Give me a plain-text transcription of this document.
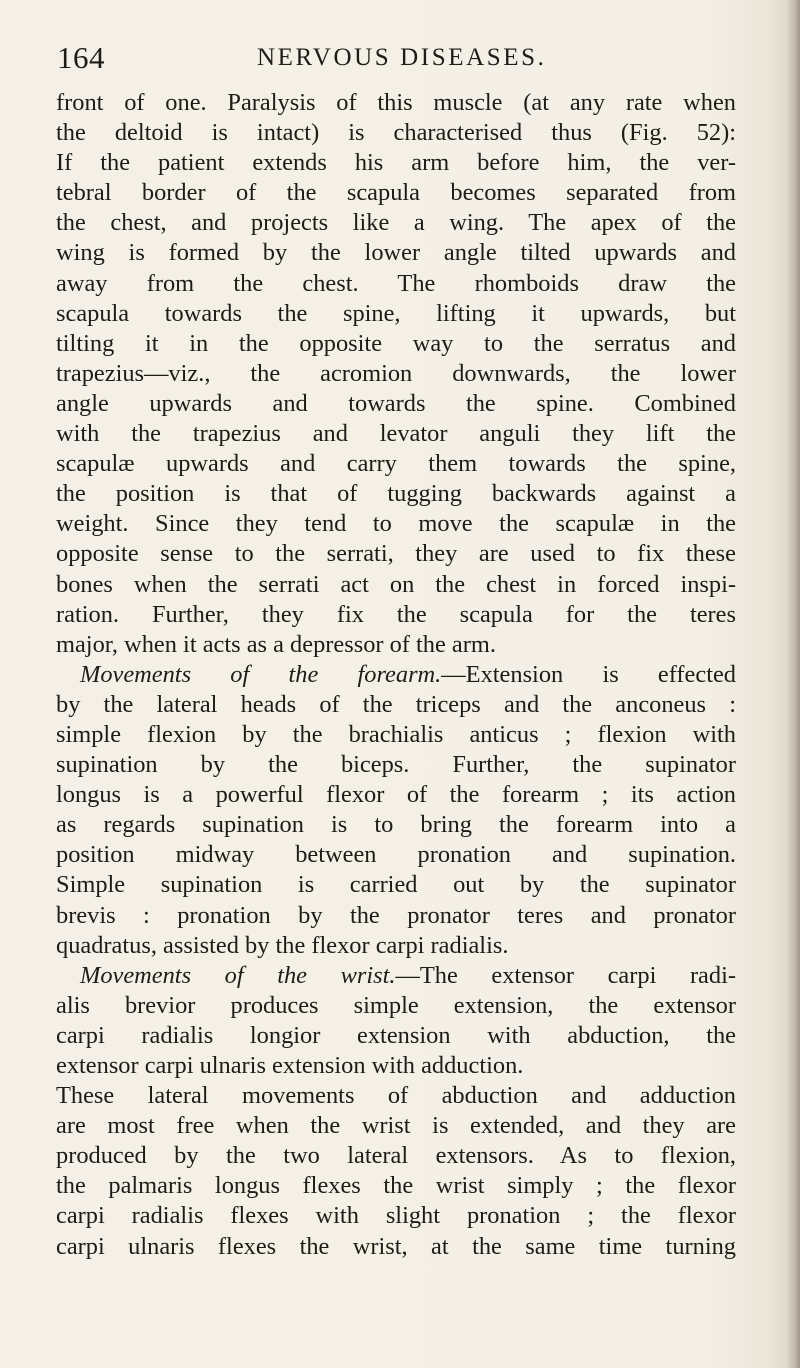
164	NERVOUS DISEASES.
front of one. Paralysis of this muscle (at any rate when
the deltoid is intact) is characterised thus (Fig. 52):
If the patient extends his arm before him, the ver-
tebral border of the scapula becomes separated from
the chest, and projects like a wing. The apex of the
wing is formed by the lower angle tilted upwards and
away from the chest. The rhomboids draw the
scapula towards the spine, lifting it upwards, but
tilting it in the opposite way to the serratus and
trapezius—viz., the acromion downwards, the lower
angle upwards and towards the spine. Combined
with the trapezius and levator anguli they lift the
scapulæ upwards and carry them towards the spine,
the position is that of tugging backwards against a
weight. Since they tend to move the scapulæ in the
opposite sense to the serrati, they are used to fix these
bones when the serrati act on the chest in forced inspi-
ration. Further, they fix the scapula for the teres
major, when it acts as a depressor of the arm.
Movements of the forearm.—Extension is effected
by the lateral heads of the triceps and the anconeus :
simple flexion by the brachialis anticus ; flexion with
supination by the biceps. Further, the supinator
longus is a powerful flexor of the forearm ; its action
as regards supination is to bring the forearm into a
position midway between pronation and supination.
Simple supination is carried out by the supinator
brevis : pronation by the pronator teres and pronator
quadratus, assisted by the flexor carpi radialis.
Movements of the wrist.—The extensor carpi radi-
alis brevior produces simple extension, the extensor
carpi radialis longior extension with abduction, the
extensor carpi ulnaris extension with adduction.
These lateral movements of abduction and adduction
are most free when the wrist is extended, and they are
produced by the two lateral extensors. As to flexion,
the palmaris longus flexes the wrist simply ; the flexor
carpi radialis flexes with slight pronation ; the flexor
carpi ulnaris flexes the wrist, at the same time turning
